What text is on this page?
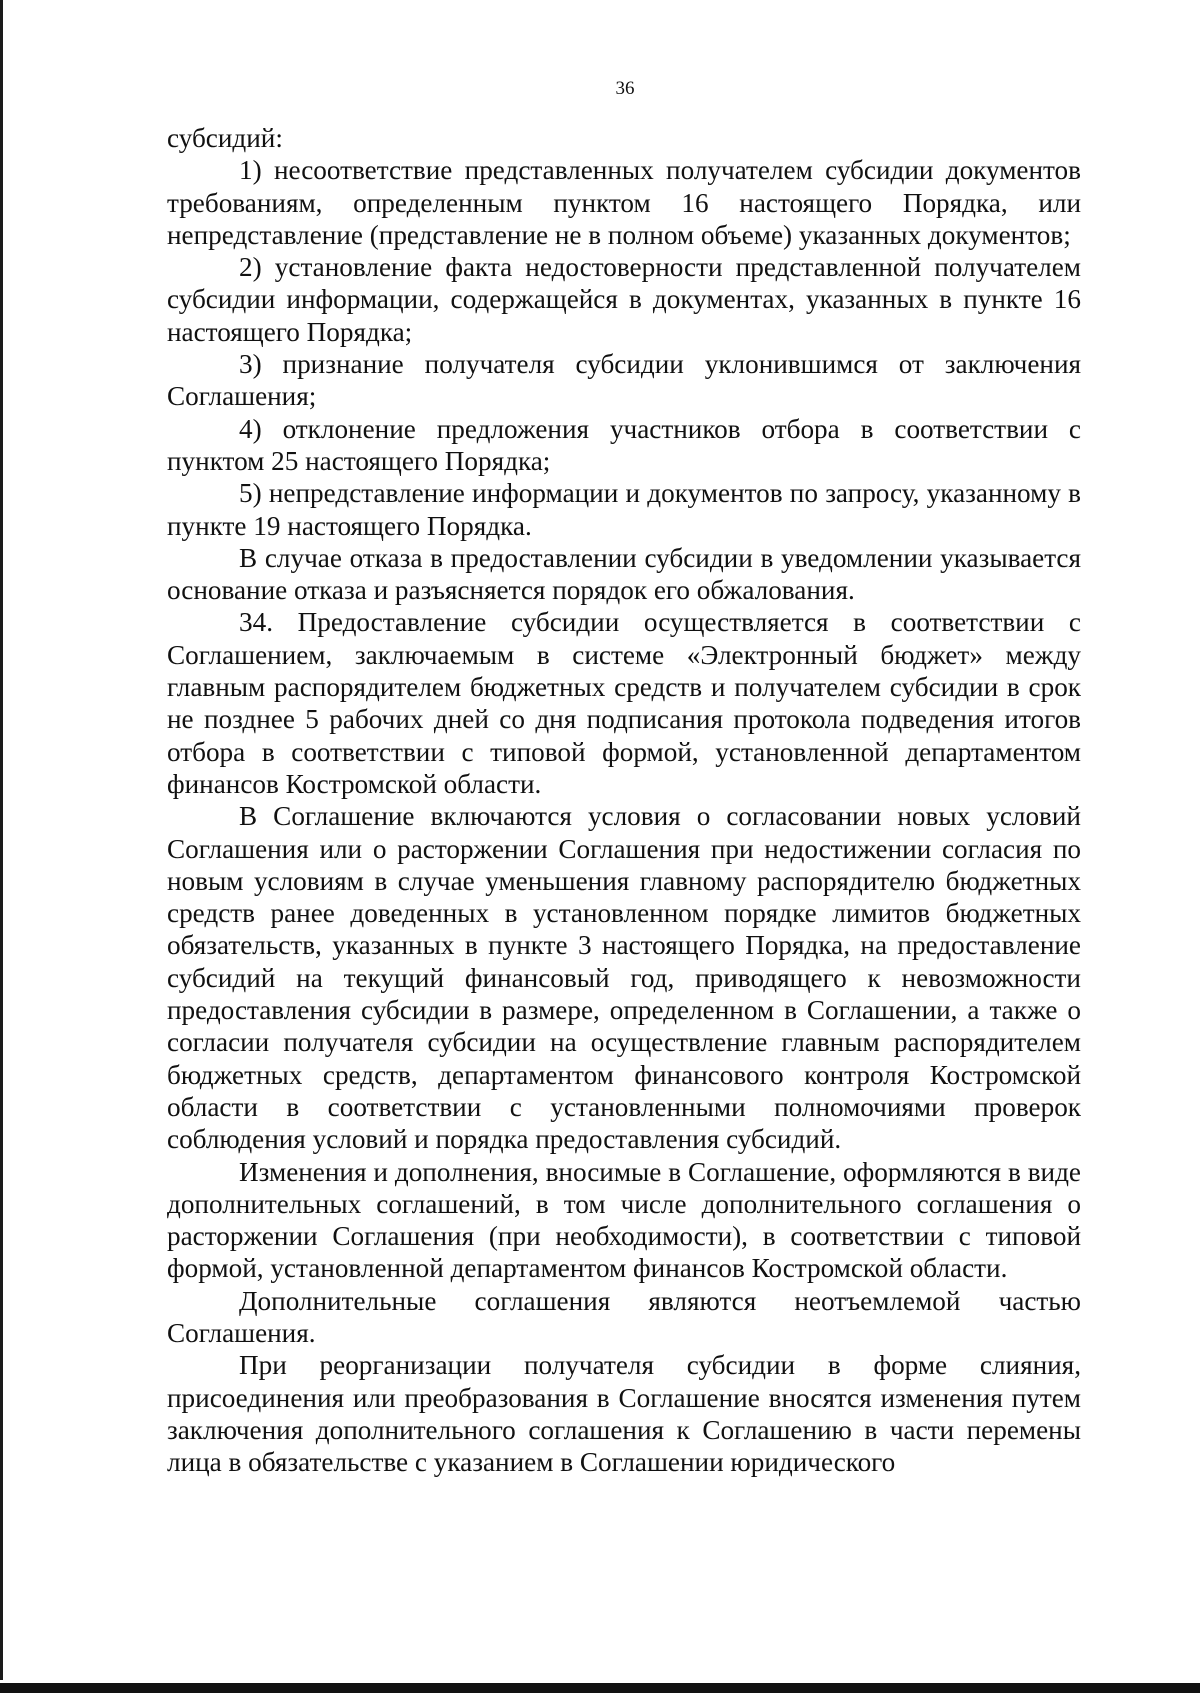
36

субсидий:

1) несоответствие представленных получателем субсидии документов требованиям, определенным пунктом 16 настоящего Порядка, или непредставление (представление не в полном объеме) указанных документов;

2) установление факта недостоверности представленной получателем субсидии информации, содержащейся в документах, указанных в пункте 16 настоящего Порядка;

3) признание получателя субсидии уклонившимся от заключения Соглашения;

4) отклонение предложения участников отбора в соответствии с пунктом 25 настоящего Порядка;

5) непредставление информации и документов по запросу, указанному в пункте 19 настоящего Порядка.

В случае отказа в предоставлении субсидии в уведомлении указывается основание отказа и разъясняется порядок его обжалования.

34. Предоставление субсидии осуществляется в соответствии с Соглашением, заключаемым в системе «Электронный бюджет» между главным распорядителем бюджетных средств и получателем субсидии в срок не позднее 5 рабочих дней со дня подписания протокола подведения итогов отбора в соответствии с типовой формой, установленной департаментом финансов Костромской области.

В Соглашение включаются условия о согласовании новых условий Соглашения или о расторжении Соглашения при недостижении согласия по новым условиям в случае уменьшения главному распорядителю бюджетных средств ранее доведенных в установленном порядке лимитов бюджетных обязательств, указанных в пункте 3 настоящего Порядка, на предоставление субсидий на текущий финансовый год, приводящего к невозможности предоставления субсидии в размере, определенном в Соглашении, а также о согласии получателя субсидии на осуществление главным распорядителем бюджетных средств, департаментом финансового контроля Костромской области в соответствии с установленными полномочиями проверок соблюдения условий и порядка предоставления субсидий.

Изменения и дополнения, вносимые в Соглашение, оформляются в виде дополнительных соглашений, в том числе дополнительного соглашения о расторжении Соглашения (при необходимости), в соответствии с типовой формой, установленной департаментом финансов Костромской области.

Дополнительные соглашения являются неотъемлемой частью Соглашения.

При реорганизации получателя субсидии в форме слияния, присоединения или преобразования в Соглашение вносятся изменения путем заключения дополнительного соглашения к Соглашению в части перемены лица в обязательстве с указанием в Соглашении юридического
